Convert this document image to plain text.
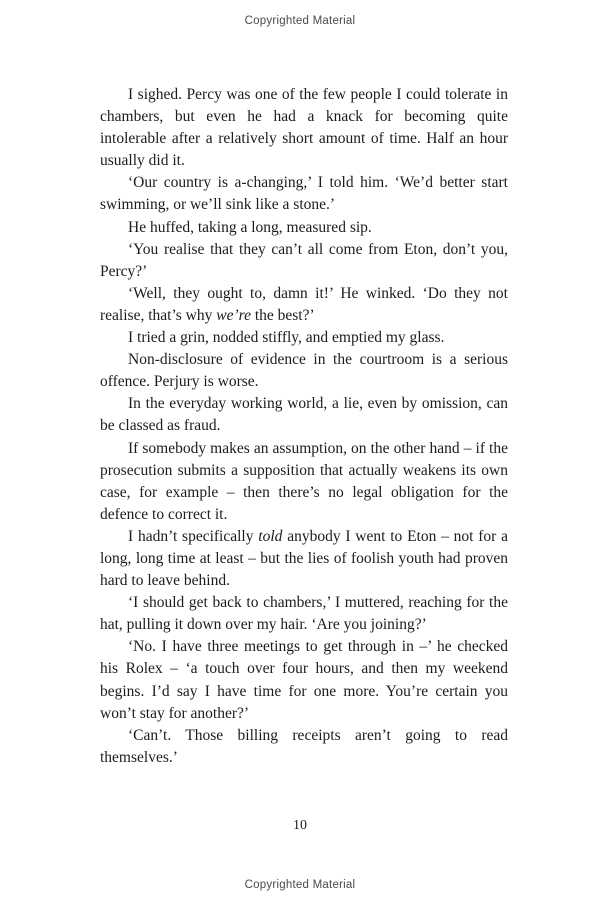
Copyrighted Material

I sighed. Percy was one of the few people I could tolerate in chambers, but even he had a knack for becoming quite intolerable after a relatively short amount of time. Half an hour usually did it.

‘Our country is a-changing,’ I told him. ‘We’d better start swimming, or we’ll sink like a stone.’

He huffed, taking a long, measured sip.

‘You realise that they can’t all come from Eton, don’t you, Percy?’

‘Well, they ought to, damn it!’ He winked. ‘Do they not realise, that’s why we’re the best?’

I tried a grin, nodded stiffly, and emptied my glass.

Non-disclosure of evidence in the courtroom is a serious offence. Perjury is worse.

In the everyday working world, a lie, even by omission, can be classed as fraud.

If somebody makes an assumption, on the other hand – if the prosecution submits a supposition that actually weakens its own case, for example – then there’s no legal obligation for the defence to correct it.

I hadn’t specifically told anybody I went to Eton – not for a long, long time at least – but the lies of foolish youth had proven hard to leave behind.

‘I should get back to chambers,’ I muttered, reaching for the hat, pulling it down over my hair. ‘Are you joining?’

‘No. I have three meetings to get through in –’ he checked his Rolex – ‘a touch over four hours, and then my weekend begins. I’d say I have time for one more. You’re certain you won’t stay for another?’

‘Can’t. Those billing receipts aren’t going to read themselves.’

10
Copyrighted Material
